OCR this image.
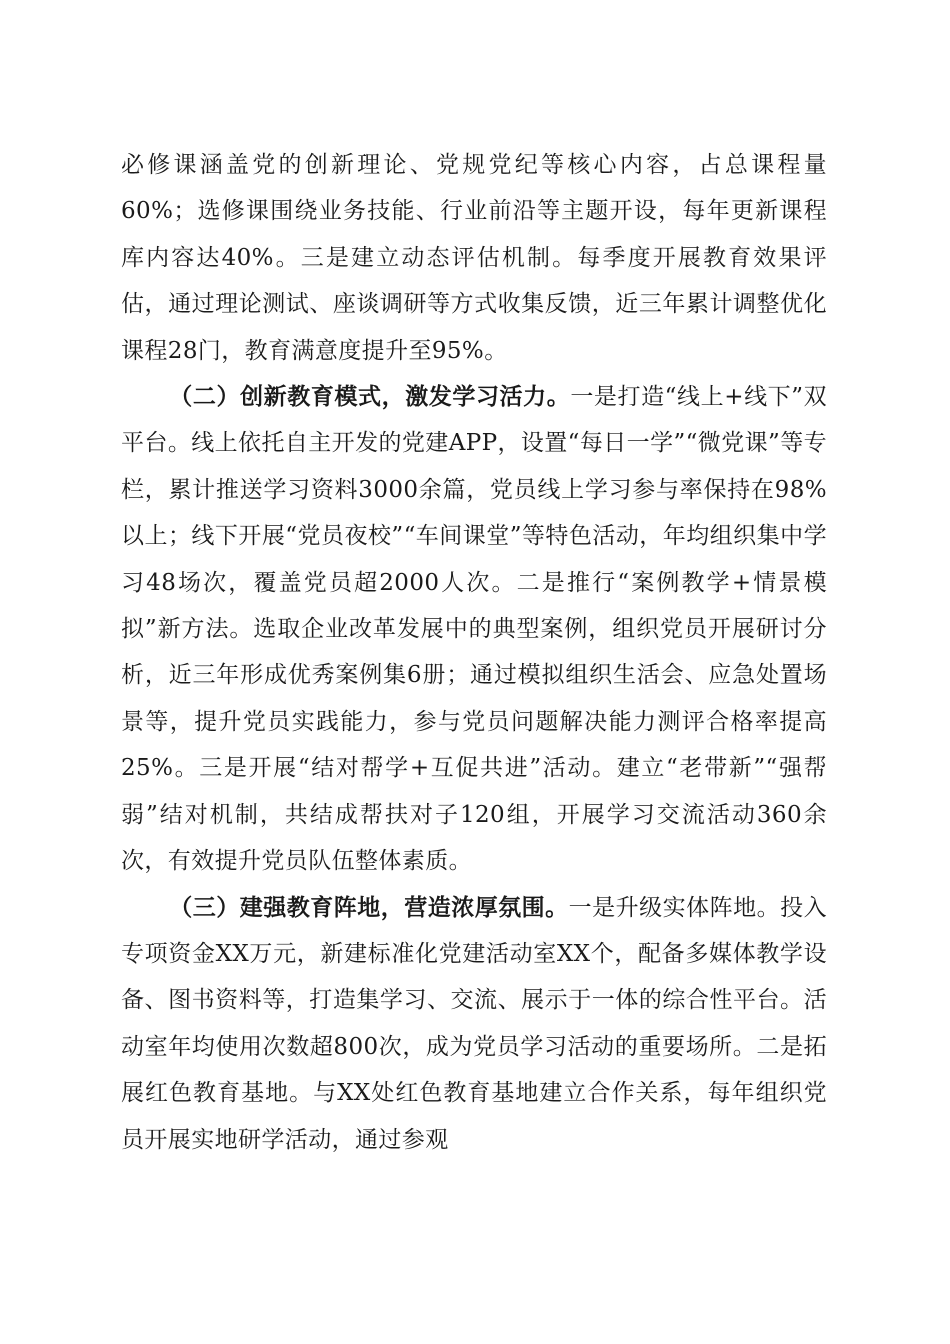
必修课涵盖党的创新理论、党规党纪等核心内容，占总课程量60%；选修课围绕业务技能、行业前沿等主题开设，每年更新课程库内容达40%。三是建立动态评估机制。每季度开展教育效果评估，通过理论测试、座谈调研等方式收集反馈，近三年累计调整优化课程28门，教育满意度提升至95%。

（二）创新教育模式，激发学习活力。一是打造“线上+线下”双平台。线上依托自主开发的党建APP，设置“每日一学”“微党课”等专栏，累计推送学习资料3000余篇，党员线上学习参与率保持在98%以上；线下开展“党员夜校”“车间课堂”等特色活动，年均组织集中学习48场次，覆盖党员超2000人次。二是推行“案例教学+情景模拟”新方法。选取企业改革发展中的典型案例，组织党员开展研讨分析，近三年形成优秀案例集6册；通过模拟组织生活会、应急处置场景等，提升党员实践能力，参与党员问题解决能力测评合格率提高25%。三是开展“结对帮学+互促共进”活动。建立“老带新”“强帮弱”结对机制，共结成帮扶对子120组，开展学习交流活动360余次，有效提升党员队伍整体素质。

（三）建强教育阵地，营造浓厚氛围。一是升级实体阵地。投入专项资金XX万元，新建标准化党建活动室XX个，配备多媒体教学设备、图书资料等，打造集学习、交流、展示于一体的综合性平台。活动室年均使用次数超800次，成为党员学习活动的重要场所。二是拓展红色教育基地。与XX处红色教育基地建立合作关系，每年组织党员开展实地研学活动，通过参观
